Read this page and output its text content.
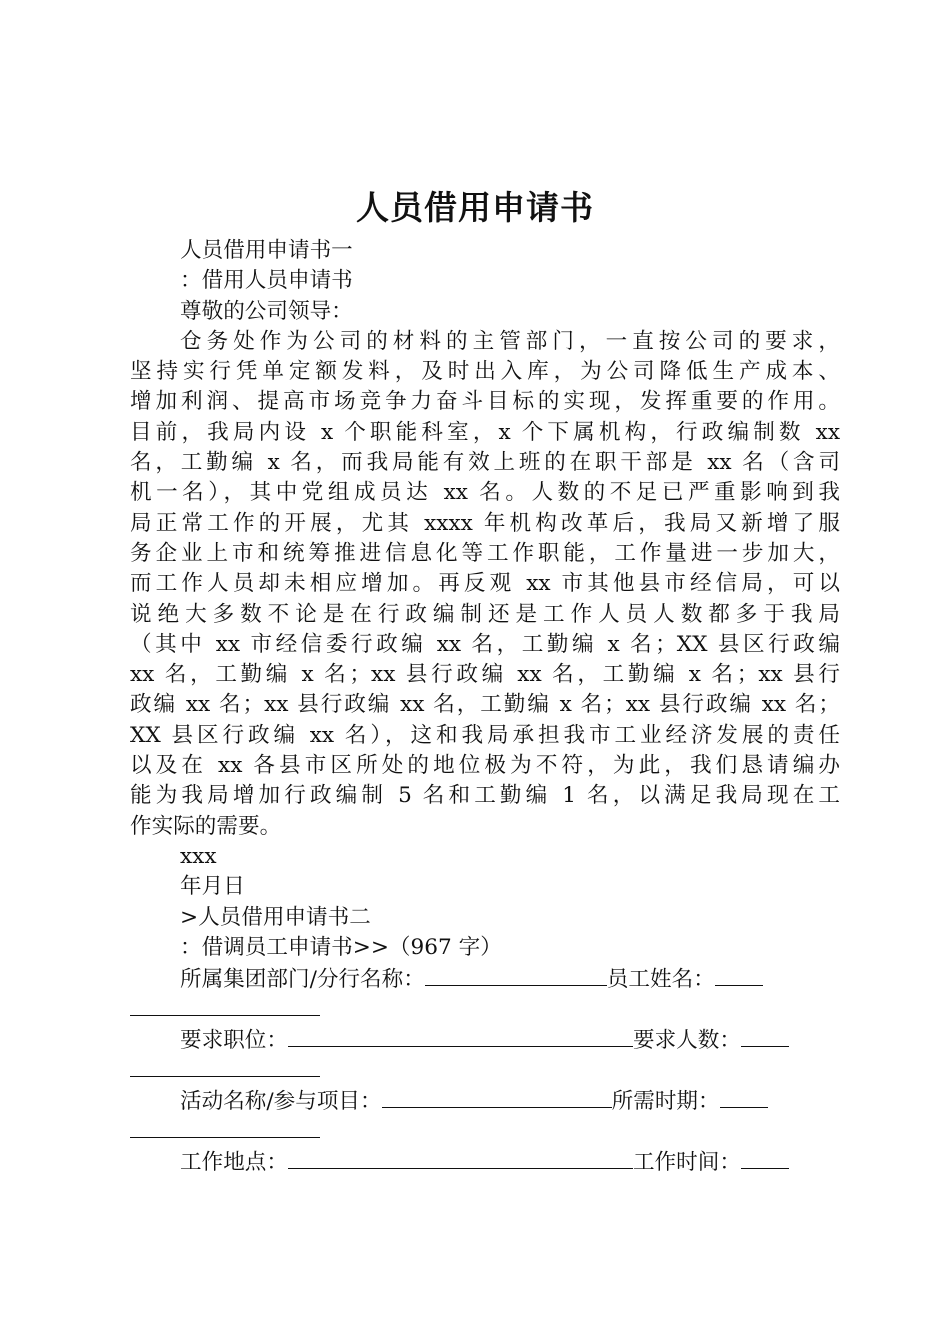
人员借用申请书
人员借用申请书一
：借用人员申请书
尊敬的公司领导：
仓务处作为公司的材料的主管部门，一直按公司的要求，
坚持实行凭单定额发料，及时出入库，为公司降低生产成本、
增加利润、提高市场竞争力奋斗目标的实现，发挥重要的作用。
目前，我局内设 x 个职能科室，x 个下属机构，行政编制数 xx
名，工勤编 x 名，而我局能有效上班的在职干部是 xx 名（含司
机一名），其中党组成员达 xx 名。人数的不足已严重影响到我
局正常工作的开展，尤其 xxxx 年机构改革后，我局又新增了服
务企业上市和统筹推进信息化等工作职能，工作量进一步加大，
而工作人员却未相应增加。再反观 xx 市其他县市经信局，可以
说绝大多数不论是在行政编制还是工作人员人数都多于我局
（其中 xx 市经信委行政编 xx 名，工勤编 x 名；XX 县区行政编
xx 名，工勤编 x 名；xx 县行政编 xx 名，工勤编 x 名；xx 县行
政编 xx 名；xx 县行政编 xx 名，工勤编 x 名；xx 县行政编 xx 名；
XX 县区行政编 xx 名），这和我局承担我市工业经济发展的责任
以及在 xx 各县市区所处的地位极为不符，为此，我们恳请编办
能为我局增加行政编制 5 名和工勤编 1 名，以满足我局现在工
作实际的需要。
xxx
年月日
>人员借用申请书二
：借调员工申请书>>（967 字）
所属集团部门/分行名称：	员工姓名：
要求职位：	要求人数：
活动名称/参与项目：	所需时期：
工作地点：	工作时间：
